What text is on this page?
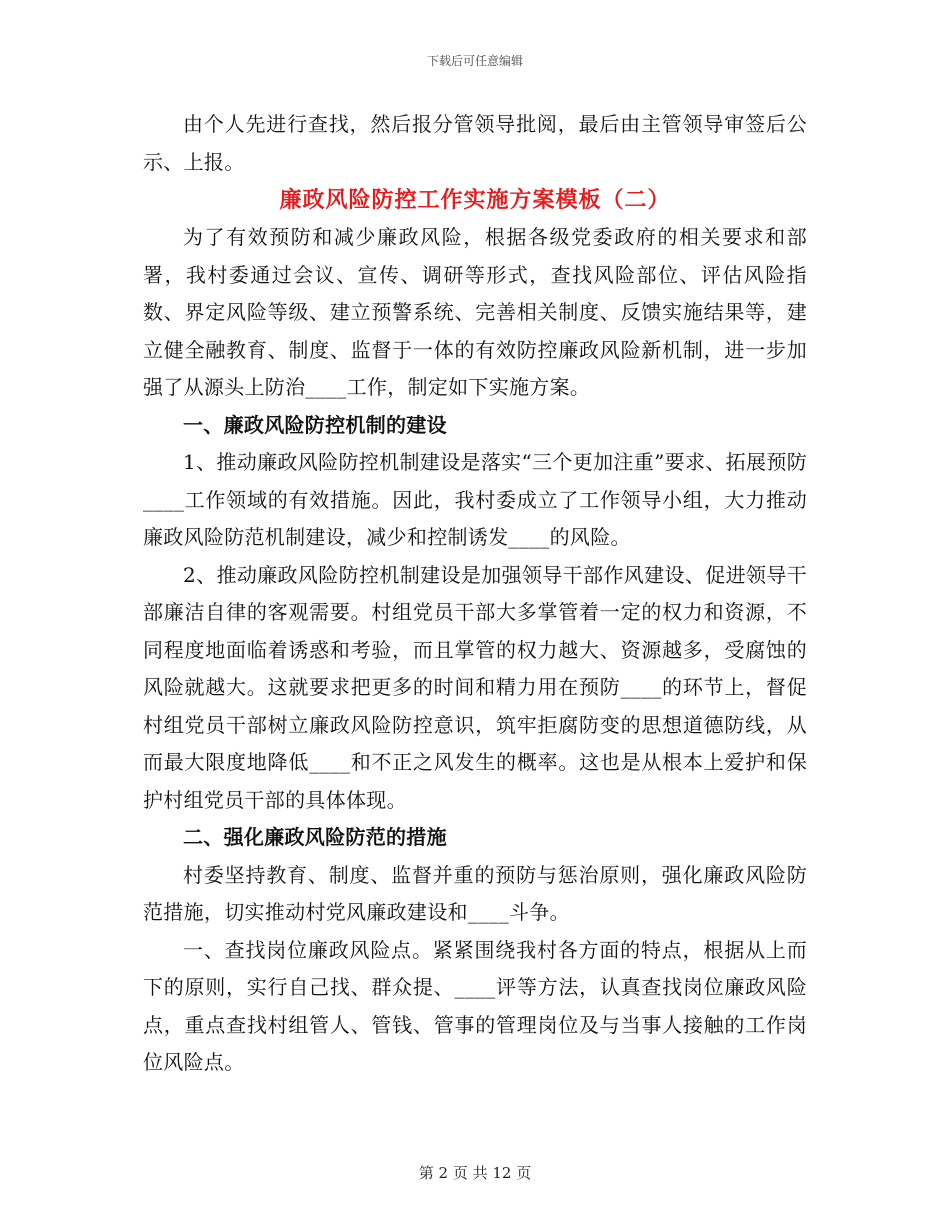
下载后可任意编辑

由个人先进行查找，然后报分管领导批阅，最后由主管领导审签后公示、上报。

廉政风险防控工作实施方案模板（二）

为了有效预防和减少廉政风险，根据各级党委政府的相关要求和部署，我村委通过会议、宣传、调研等形式，查找风险部位、评估风险指数、界定风险等级、建立预警系统、完善相关制度、反馈实施结果等，建立健全融教育、制度、监督于一体的有效防控廉政风险新机制，进一步加强了从源头上防治____工作，制定如下实施方案。

一、廉政风险防控机制的建设

1、推动廉政风险防控机制建设是落实“三个更加注重”要求、拓展预防____工作领域的有效措施。因此，我村委成立了工作领导小组，大力推动廉政风险防范机制建设，减少和控制诱发____的风险。

2、推动廉政风险防控机制建设是加强领导干部作风建设、促进领导干部廉洁自律的客观需要。村组党员干部大多掌管着一定的权力和资源，不同程度地面临着诱惑和考验，而且掌管的权力越大、资源越多，受腐蚀的风险就越大。这就要求把更多的时间和精力用在预防____的环节上，督促村组党员干部树立廉政风险防控意识，筑牢拒腐防变的思想道德防线，从而最大限度地降低____和不正之风发生的概率。这也是从根本上爱护和保护村组党员干部的具体体现。

二、强化廉政风险防范的措施

村委坚持教育、制度、监督并重的预防与惩治原则，强化廉政风险防范措施，切实推动村党风廉政建设和____斗争。

一、查找岗位廉政风险点。紧紧围绕我村各方面的特点，根据从上而下的原则，实行自己找、群众提、____评等方法，认真查找岗位廉政风险点，重点查找村组管人、管钱、管事的管理岗位及与当事人接触的工作岗位风险点。

第 2 页 共 12 页
